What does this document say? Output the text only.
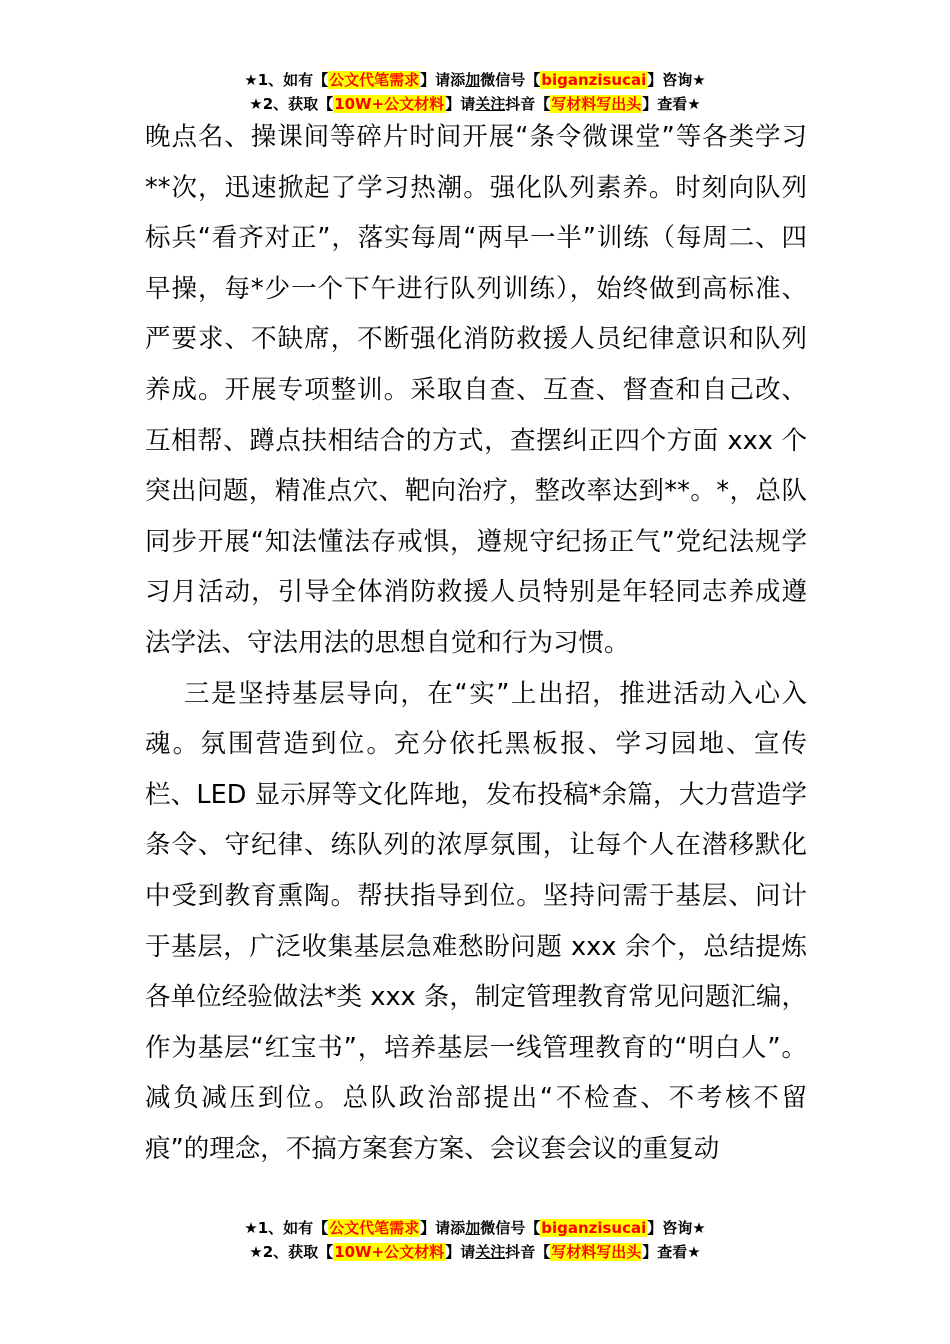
★1、如有【公文代笔需求】请添加微信号【biganzisucai】咨询★
★2、获取【10W+公文材料】请关注抖音【写材料写出头】查看★

晚点名、操课间等碎片时间开展“条令微课堂”等各类学习**次，迅速掀起了学习热潮。强化队列素养。时刻向队列标兵“看齐对正”，落实每周“两早一半”训练（每周二、四早操，每*少一个下午进行队列训练），始终做到高标准、严要求、不缺席，不断强化消防救援人员纪律意识和队列养成。开展专项整训。采取自查、互查、督查和自己改、互相帮、蹲点扶相结合的方式，查摆纠正四个方面 xxx 个突出问题，精准点穴、靶向治疗，整改率达到**。*，总队同步开展“知法懂法存戒惧，遵规守纪扬正气”党纪法规学习月活动，引导全体消防救援人员特别是年轻同志养成遵法学法、守法用法的思想自觉和行为习惯。

三是坚持基层导向，在“实”上出招，推进活动入心入魂。氛围营造到位。充分依托黑板报、学习园地、宣传栏、LED 显示屏等文化阵地，发布投稿*余篇，大力营造学条令、守纪律、练队列的浓厚氛围，让每个人在潜移默化中受到教育熏陶。帮扶指导到位。坚持问需于基层、问计于基层，广泛收集基层急难愁盼问题 xxx 余个，总结提炼各单位经验做法*类 xxx 条，制定管理教育常见问题汇编，作为基层“红宝书”，培养基层一线管理教育的“明白人”。减负减压到位。总队政治部提出“不检查、不考核不留痕”的理念，不搞方案套方案、会议套会议的重复动

★1、如有【公文代笔需求】请添加微信号【biganzisucai】咨询★
★2、获取【10W+公文材料】请关注抖音【写材料写出头】查看★
